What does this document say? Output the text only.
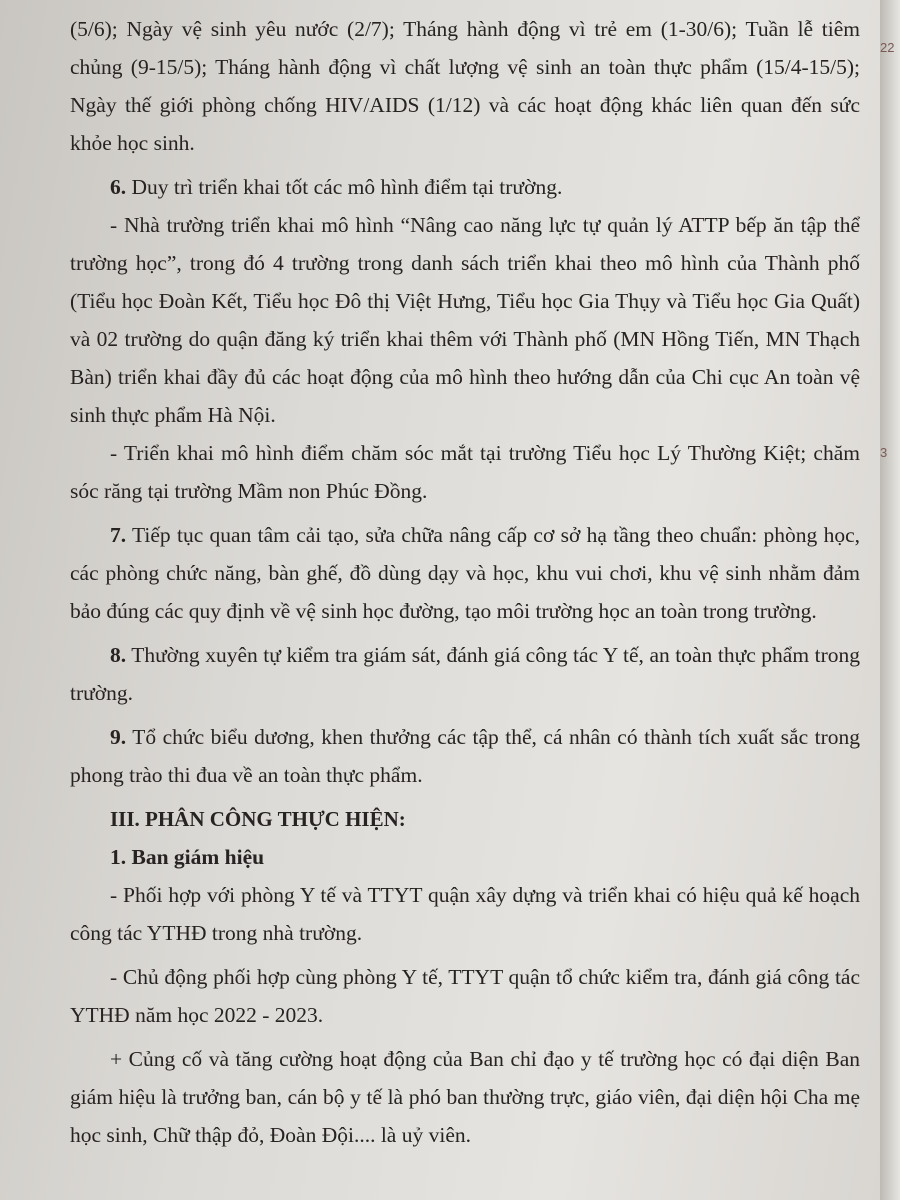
(5/6); Ngày vệ sinh yêu nước (2/7); Tháng hành động vì trẻ em (1-30/6); Tuần lễ tiêm chủng (9-15/5); Tháng hành động vì chất lượng vệ sinh an toàn thực phẩm (15/4-15/5); Ngày thế giới phòng chống HIV/AIDS (1/12) và các hoạt động khác liên quan đến sức khỏe học sinh.

6. Duy trì triển khai tốt các mô hình điểm tại trường.

- Nhà trường triển khai mô hình “Nâng cao năng lực tự quản lý ATTP bếp ăn tập thể trường học”, trong đó 4 trường trong danh sách triển khai theo mô hình của Thành phố (Tiểu học Đoàn Kết, Tiểu học Đô thị Việt Hưng, Tiểu học Gia Thụy và Tiểu học Gia Quất) và 02 trường do quận đăng ký triển khai thêm với Thành phố (MN Hồng Tiến, MN Thạch Bàn) triển khai đầy đủ các hoạt động của mô hình theo hướng dẫn của Chi cục An toàn vệ sinh thực phẩm Hà Nội.

- Triển khai mô hình điểm chăm sóc mắt tại trường Tiểu học Lý Thường Kiệt; chăm sóc răng tại trường Mầm non Phúc Đồng.

7. Tiếp tục quan tâm cải tạo, sửa chữa nâng cấp cơ sở hạ tầng theo chuẩn: phòng học, các phòng chức năng, bàn ghế, đồ dùng dạy và học, khu vui chơi, khu vệ sinh nhằm đảm bảo đúng các quy định về vệ sinh học đường, tạo môi trường học an toàn trong trường.

8. Thường xuyên tự kiểm tra giám sát, đánh giá công tác Y tế, an toàn thực phẩm trong trường.

9. Tổ chức biểu dương, khen thưởng các tập thể, cá nhân có thành tích xuất sắc trong phong trào thi đua về an toàn thực phẩm.

III. PHÂN CÔNG THỰC HIỆN:

1. Ban giám hiệu

- Phối hợp với phòng Y tế và TTYT quận xây dựng và triển khai có hiệu quả kế hoạch công tác YTHĐ trong nhà trường.

- Chủ động phối hợp cùng phòng Y tế, TTYT quận tổ chức kiểm tra, đánh giá công tác YTHĐ năm học 2022 - 2023.

+ Củng cố và tăng cường hoạt động của Ban chỉ đạo y tế trường học có đại diện Ban giám hiệu là trưởng ban, cán bộ y tế là phó ban thường trực, giáo viên, đại diện hội Cha mẹ học sinh, Chữ thập đỏ, Đoàn Đội.... là uỷ viên.

22
3
